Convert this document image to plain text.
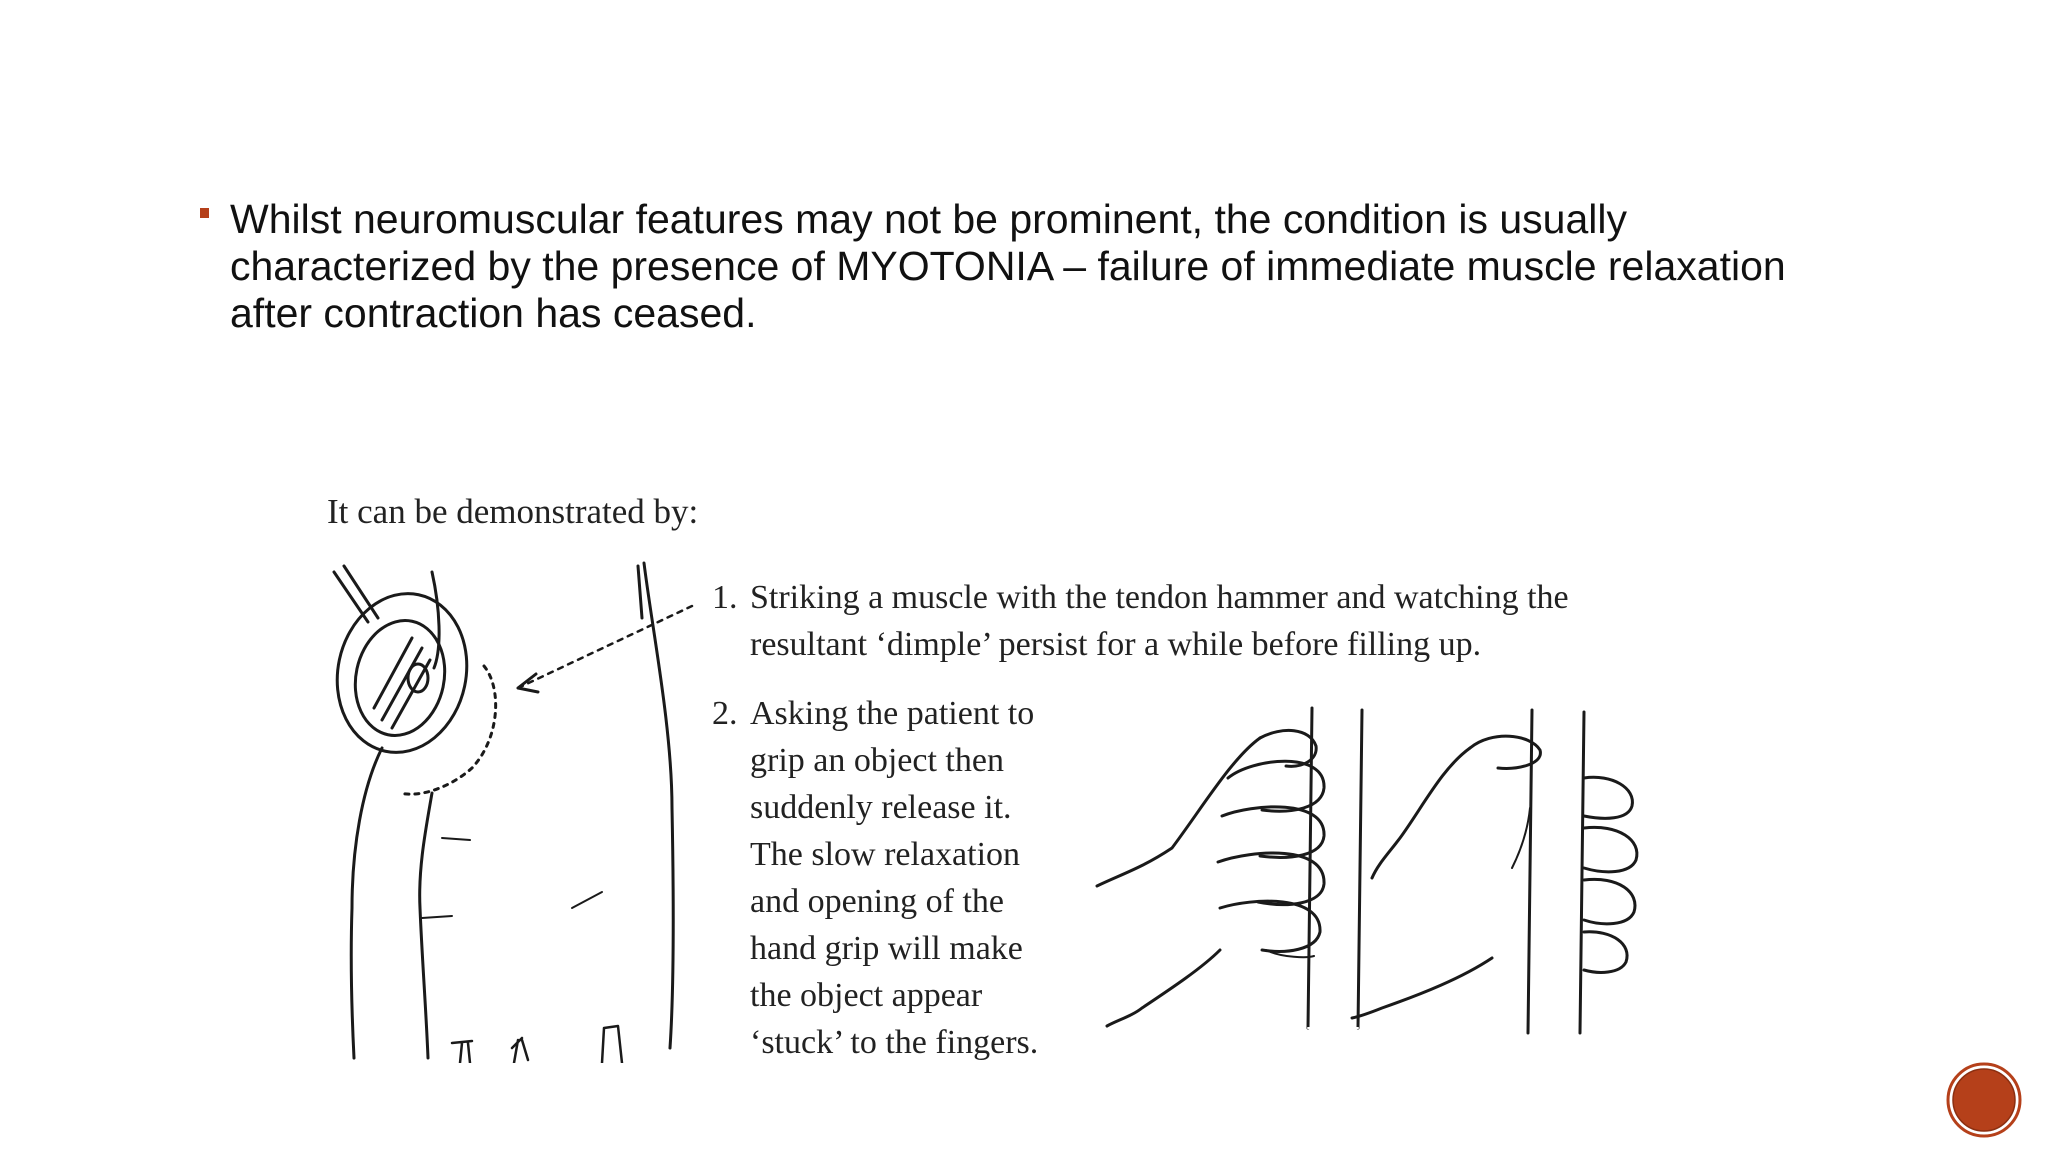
Whilst neuromuscular features may not be prominent, the condition is usually characterized by the presence of MYOTONIA – failure of immediate muscle relaxation after contraction has ceased.

It can be demonstrated by:

1. Striking a muscle with the tendon hammer and watching the resultant ‘dimple’ persist for a while before filling up.

2. Asking the patient to grip an object then suddenly release it. The slow relaxation and opening of the hand grip will make the object appear ‘stuck’ to the fingers.
